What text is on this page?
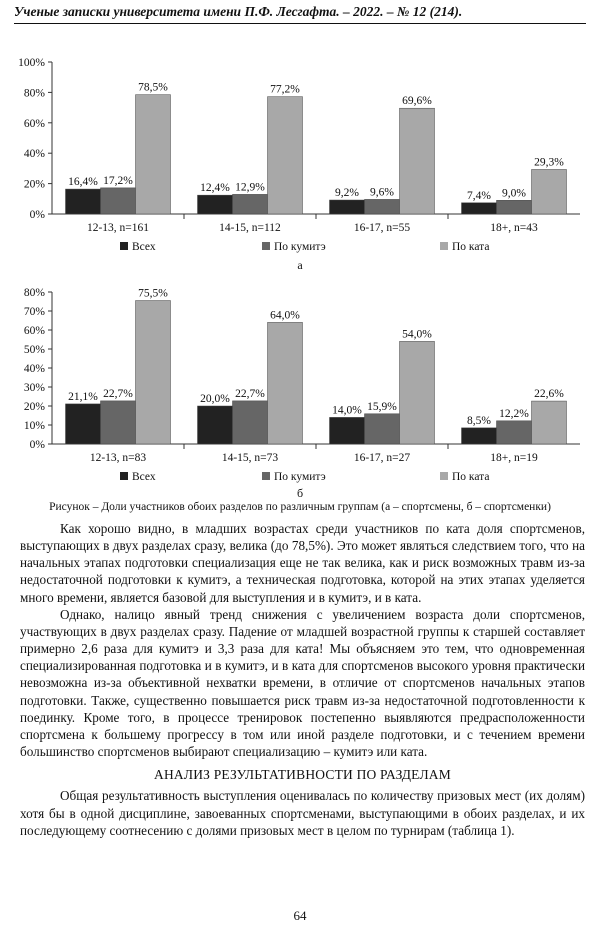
Ученые записки университета имени П.Ф. Лесгафта. – 2022. – № 12 (214).
0%
20%
40%
60%
80%
100%
16,4% 17,2%
78,5%
12-13, n=161
12,4% 12,9%
77,2%
14-15, n=112
9,2% 9,6%
69,6%
16-17, n=55
7,4% 9,0%
29,3%
18+, n=43
Всех	По кумитэ	По ката
а
0%
10%
20%
30%
40%
50%
60%
70%
80%
21,1% 22,7%
75,5%
12-13, n=83
20,0% 22,7%
64,0%
14-15, n=73
14,0% 15,9%
54,0%
16-17, n=27
8,5%
12,2%
22,6%
18+, n=19
Всех	По кумитэ	По ката
б
Рисунок – Доли участников обоих разделов по различным группам (а – спортсмены, б – спортсменки)

Как хорошо видно, в младших возрастах среди участников по ката доля спортсменов, выступающих в двух разделах сразу, велика (до 78,5%). Это может являться следствием того, что на начальных этапах подготовки специализация еще не так велика, как и риск возможных травм из-за недостаточной подготовки к кумитэ, а техническая подготовка, которой на этих этапах уделяется много времени, является базовой для выступления и в кумитэ, и в ката.

Однако, налицо явный тренд снижения с увеличением возраста доли спортсменов, участвующих в двух разделах сразу. Падение от младшей возрастной группы к старшей составляет примерно 2,6 раза для кумитэ и 3,3 раза для ката! Мы объясняем это тем, что одновременная специализированная подготовка и в кумитэ, и в ката для спортсменов высокого уровня практически невозможна из-за объективной нехватки времени, в отличие от спортсменов начальных этапов подготовки. Также, существенно повышается риск травм из-за недостаточной подготовленности к поединку. Кроме того, в процессе тренировок постепенно выявляются предрасположенности спортсмена к большему прогрессу в том или иной разделе подготовки, и с течением времени большинство спортсменов выбирают специализацию – кумитэ или ката.

АНАЛИЗ РЕЗУЛЬТАТИВНОСТИ ПО РАЗДЕЛАМ

Общая результативность выступления оценивалась по количеству призовых мест (их долям) хотя бы в одной дисциплине, завоеванных спортсменами, выступающими в обоих разделах, и их последующему соотнесению с долями призовых мест в целом по турнирам (таблица 1).

64
